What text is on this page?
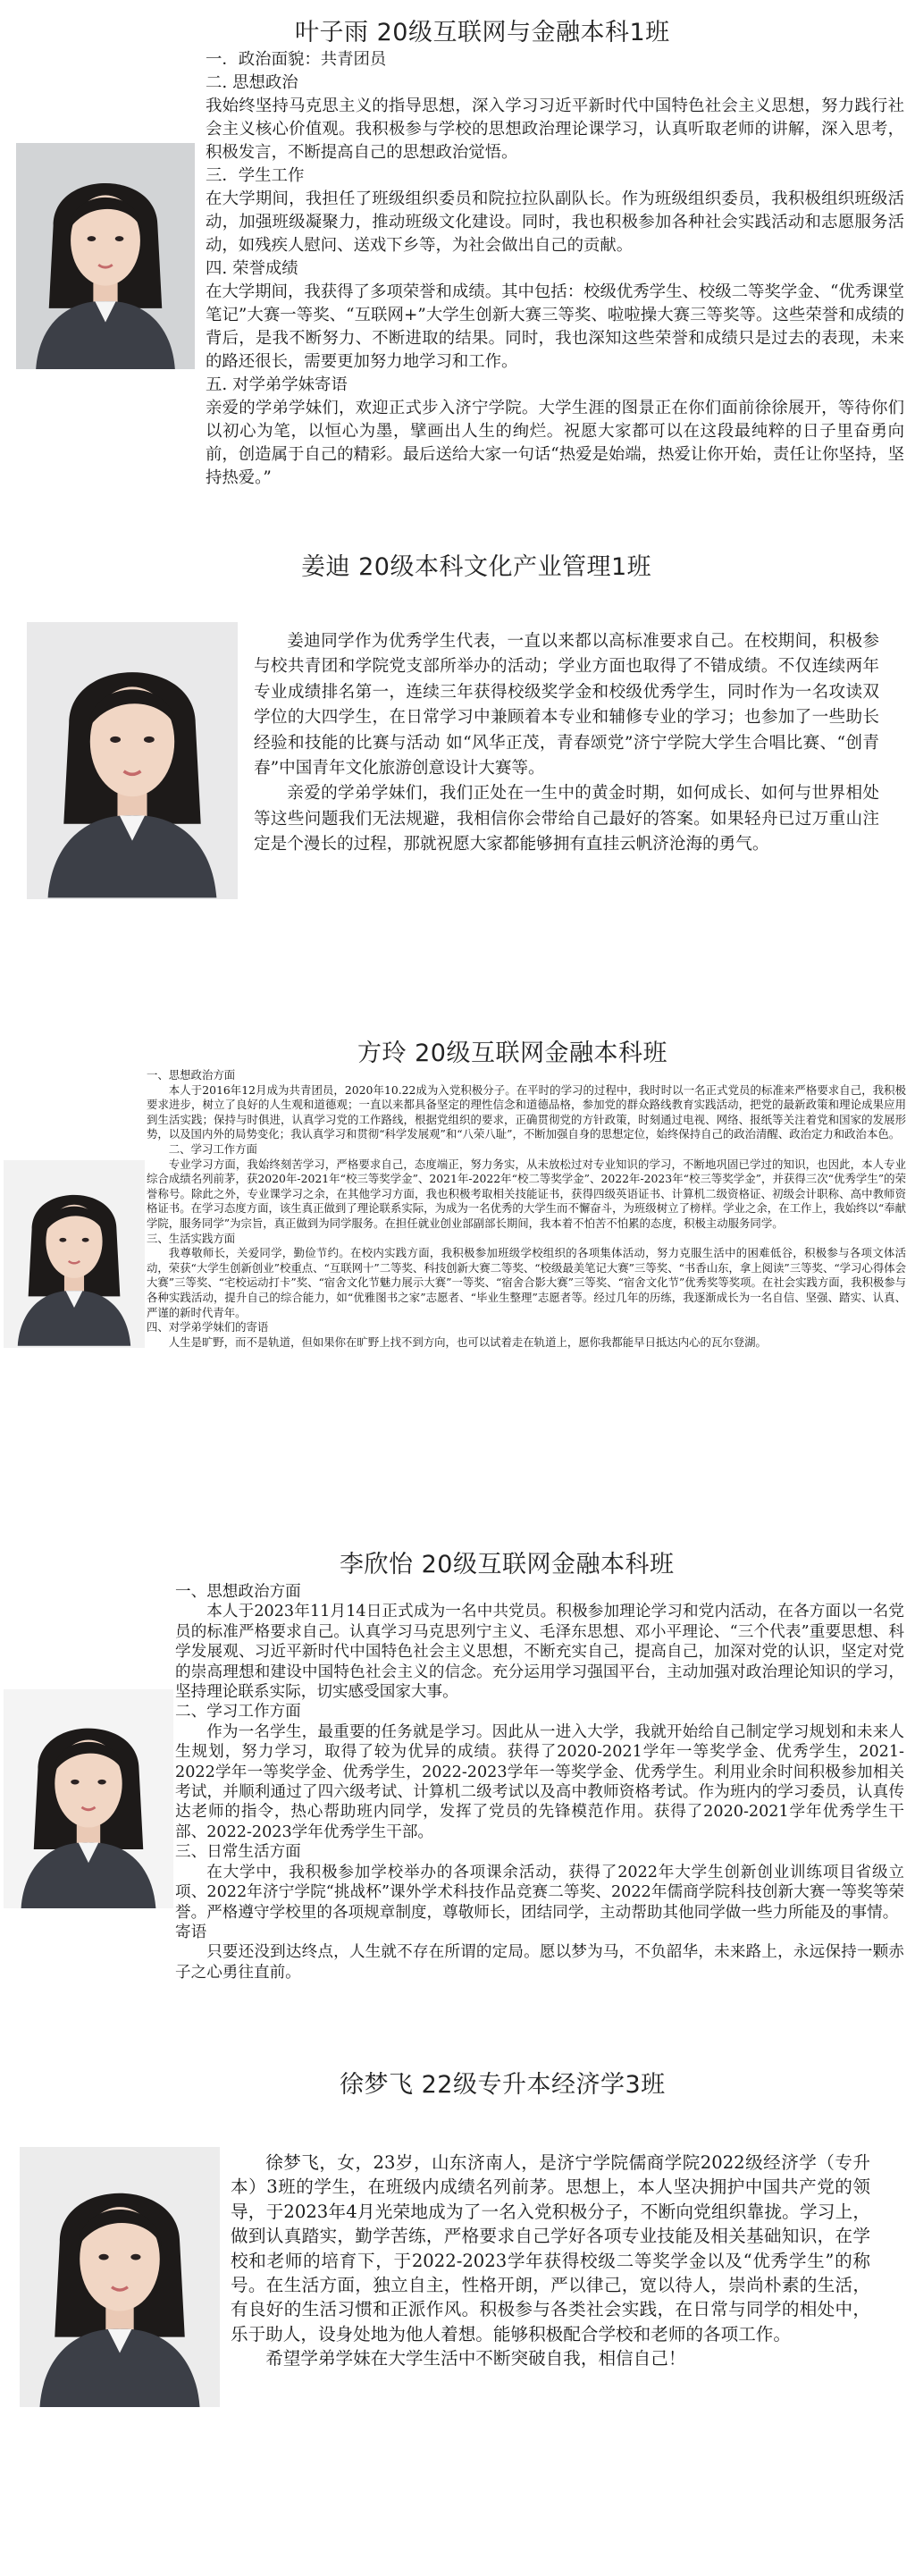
叶子雨 20级互联网与金融本科1班

一．政治面貌：共青团员

二. 思想政治

我始终坚持马克思主义的指导思想，深入学习习近平新时代中国特色社会主义思想，努力践行社会主义核心价值观。我积极参与学校的思想政治理论课学习，认真听取老师的讲解，深入思考，积极发言，不断提高自己的思想政治觉悟。

三．学生工作

在大学期间，我担任了班级组织委员和院拉拉队副队长。作为班级组织委员，我积极组织班级活动，加强班级凝聚力，推动班级文化建设。同时，我也积极参加各种社会实践活动和志愿服务活动，如残疾人慰问、送戏下乡等，为社会做出自己的贡献。

四. 荣誉成绩

在大学期间，我获得了多项荣誉和成绩。其中包括：校级优秀学生、校级二等奖学金、“优秀课堂笔记”大赛一等奖、“互联网+”大学生创新大赛三等奖、啦啦操大赛三等奖等。这些荣誉和成绩的背后，是我不断努力、不断进取的结果。同时，我也深知这些荣誉和成绩只是过去的表现，未来的路还很长，需要更加努力地学习和工作。

五. 对学弟学妹寄语

亲爱的学弟学妹们，欢迎正式步入济宁学院。大学生涯的图景正在你们面前徐徐展开，等待你们以初心为笔，以恒心为墨，擘画出人生的绚烂。祝愿大家都可以在这段最纯粹的日子里奋勇向前，创造属于自己的精彩。最后送给大家一句话“热爱是始端，热爱让你开始，责任让你坚持，坚持热爱。”

姜迪 20级本科文化产业管理1班

姜迪同学作为优秀学生代表，一直以来都以高标准要求自己。在校期间，积极参与校共青团和学院党支部所举办的活动；学业方面也取得了不错成绩。不仅连续两年专业成绩排名第一，连续三年获得校级奖学金和校级优秀学生，同时作为一名攻读双学位的大四学生，在日常学习中兼顾着本专业和辅修专业的学习；也参加了一些助长经验和技能的比赛与活动 如“风华正茂，青春颂党”济宁学院大学生合唱比赛、“创青春”中国青年文化旅游创意设计大赛等。

亲爱的学弟学妹们，我们正处在一生中的黄金时期，如何成长、如何与世界相处等这些问题我们无法规避，我相信你会带给自己最好的答案。如果轻舟已过万重山注定是个漫长的过程，那就祝愿大家都能够拥有直挂云帆济沧海的勇气。

方玲 20级互联网金融本科班

一、思想政治方面

本人于2016年12月成为共青团员，2020年10.22成为入党积极分子。在平时的学习的过程中，我时时以一名正式党员的标准来严格要求自己，我积极要求进步，树立了良好的人生观和道德观；一直以来都具备坚定的理性信念和道德品格，参加党的群众路线教育实践活动，把党的最新政策和理论成果应用到生活实践；保持与时俱进，认真学习党的工作路线，根据党组织的要求，正确贯彻党的方针政策，时刻通过电视、网络、报纸等关注着党和国家的发展形势，以及国内外的局势变化；我认真学习和贯彻“科学发展观”和“八荣八耻”，不断加强自身的思想定位，始终保持自己的政治清醒、政治定力和政治本色。

二、学习工作方面

专业学习方面，我始终刻苦学习，严格要求自己，态度端正，努力务实，从未放松过对专业知识的学习，不断地巩固已学过的知识，也因此，本人专业综合成绩名列前茅，获2020年-2021年“校三等奖学金”、2021年-2022年“校二等奖学金”、2022年-2023年“校三等奖学金”，并获得三次“优秀学生”的荣誉称号。除此之外，专业课学习之余，在其他学习方面，我也积极考取相关技能证书，获得四级英语证书、计算机二级资格证、初级会计职称、高中教师资格证书。在学习态度方面，该生真正做到了理论联系实际，为成为一名优秀的大学生而不懈奋斗，为班级树立了榜样。学业之余，在工作上，我始终以“奉献学院，服务同学”为宗旨，真正做到为同学服务。在担任就业创业部副部长期间，我本着不怕苦不怕累的态度，积极主动服务同学。

三、生活实践方面

我尊敬师长，关爱同学，勤俭节约。在校内实践方面，我积极参加班级学校组织的各项集体活动，努力克服生活中的困难低谷，积极参与各项文体活动，荣获“大学生创新创业”校重点、“互联网十”二等奖、科技创新大赛二等奖、“校级最美笔记大赛”三等奖、“书香山东，拿上阅读”三等奖、“学习心得体会大赛”三等奖、“宅校运动打卡”奖、“宿舍文化节魅力展示大赛”一等奖、“宿舍合影大赛”三等奖、“宿舍文化节”优秀奖等奖项。在社会实践方面，我积极参与各种实践活动，提升自己的综合能力，如“优雅图书之家”志愿者、“毕业生整理”志愿者等。经过几年的历练，我逐渐成长为一名自信、坚强、踏实、认真、严谨的新时代青年。

四、对学弟学妹们的寄语

人生是旷野，而不是轨道，但如果你在旷野上找不到方向，也可以试着走在轨道上，愿你我都能早日抵达内心的瓦尔登湖。

李欣怡 20级互联网金融本科班

一、思想政治方面

本人于2023年11月14日正式成为一名中共党员。积极参加理论学习和党内活动，在各方面以一名党员的标准严格要求自己。认真学习马克思列宁主义、毛泽东思想、邓小平理论、“三个代表”重要思想、科学发展观、习近平新时代中国特色社会主义思想，不断充实自己，提高自己，加深对党的认识，坚定对党的崇高理想和建设中国特色社会主义的信念。充分运用学习强国平台，主动加强对政治理论知识的学习，坚持理论联系实际，切实感受国家大事。

二、学习工作方面

作为一名学生，最重要的任务就是学习。因此从一进入大学，我就开始给自己制定学习规划和未来人生规划，努力学习，取得了较为优异的成绩。获得了2020-2021学年一等奖学金、优秀学生，2021-2022学年一等奖学金、优秀学生，2022-2023学年一等奖学金、优秀学生。利用业余时间积极参加相关考试，并顺利通过了四六级考试、计算机二级考试以及高中教师资格考试。作为班内的学习委员，认真传达老师的指令，热心帮助班内同学，发挥了党员的先锋模范作用。获得了2020-2021学年优秀学生干部、2022-2023学年优秀学生干部。

三、日常生活方面

在大学中，我积极参加学校举办的各项课余活动，获得了2022年大学生创新创业训练项目省级立项、2022年济宁学院“挑战杯”课外学术科技作品竞赛二等奖、2022年儒商学院科技创新大赛一等奖等荣誉。严格遵守学校里的各项规章制度，尊敬师长，团结同学，主动帮助其他同学做一些力所能及的事情。

寄语

只要还没到达终点，人生就不存在所谓的定局。愿以梦为马，不负韶华，未来路上，永远保持一颗赤子之心勇往直前。

徐梦飞 22级专升本经济学3班

徐梦飞，女，23岁，山东济南人，是济宁学院儒商学院2022级经济学（专升本）3班的学生，在班级内成绩名列前茅。思想上，本人坚决拥护中国共产党的领导，于2023年4月光荣地成为了一名入党积极分子，不断向党组织靠拢。学习上，做到认真踏实，勤学苦练，严格要求自己学好各项专业技能及相关基础知识，在学校和老师的培育下，于2022-2023学年获得校级二等奖学金以及“优秀学生”的称号。在生活方面，独立自主，性格开朗，严以律己，宽以待人，崇尚朴素的生活，有良好的生活习惯和正派作风。积极参与各类社会实践，在日常与同学的相处中，乐于助人，设身处地为他人着想。能够积极配合学校和老师的各项工作。

希望学弟学妹在大学生活中不断突破自我，相信自己！
